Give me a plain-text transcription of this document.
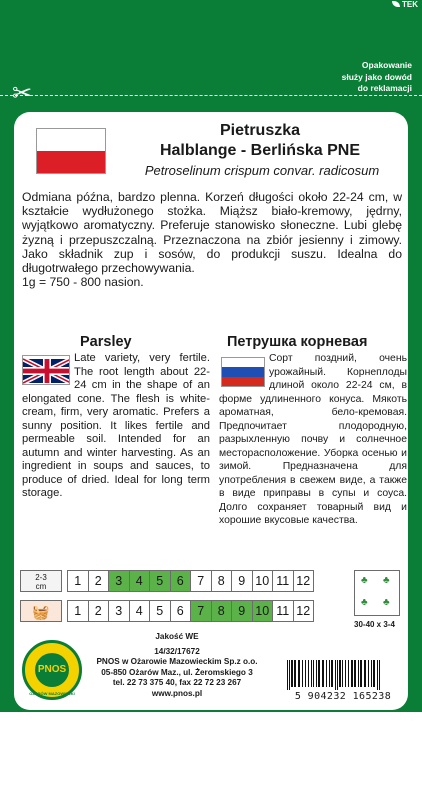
TEK
Opakowanie
służy jako dowód
do reklamacji
✂
Pietruszka
Halblange - Berlińska PNE
Petroselinum crispum convar. radicosum
Odmiana późna, bardzo plenna. Korzeń długości około 22-24 cm, w kształcie wydłużonego stożka. Miąższ biało-kremowy, jędrny, wyjątkowo aromatyczny. Preferuje stanowisko słoneczne. Lubi glebę żyzną i przepuszczalną. Przeznaczona na zbiór jesienny i zimowy. Jako składnik zup i sosów, do produkcji suszu. Idealna do długotrwałego przechowywania.
1g = 750 - 800 nasion.
Parsley	Петрушка корневая
Late variety, very fertile. The root length about 22-24 cm in the shape of an elongated cone. The flesh is white-cream, firm, very aromatic. Prefers a sunny position. It likes fertile and permeable soil. Intended for an autumn and winter harvesting. As an ingredient in soups and sauces, to produce of dried. Ideal for long term storage.
Сорт поздний, очень урожайный. Корнеплоды длиной около 22-24 см, в форме удлиненного конуса. Мякоть ароматная, бело-кремовая. Предпочитает плодородную, разрыхленную почву и солнечное месторасположение. Уборка осенью и зимой. Предназначена для употребления в свежем виде, а также в виде приправы в супы и соуса. Долго сохраняет товарный вид и хорошие вкусовые качества.
2-3
cm	1	2	3	4	5	6	7	8	9 10 11 12
🧺	1	2	3	4	5	6	7	8	9 10 11 12
♣ ♣
♣ ♣
30-40 x 3-4
PNOS
OŻARÓW MAZOWIECKI
Jakość WE
14/32/17672
PNOS w Ożarowie Mazowieckim Sp.z o.o.
05-850 Ożarów Maz., ul. Żeromskiego 3
tel. 22 73 375 40, fax 22 72 23 267
www.pnos.pl	5 904232 165238
